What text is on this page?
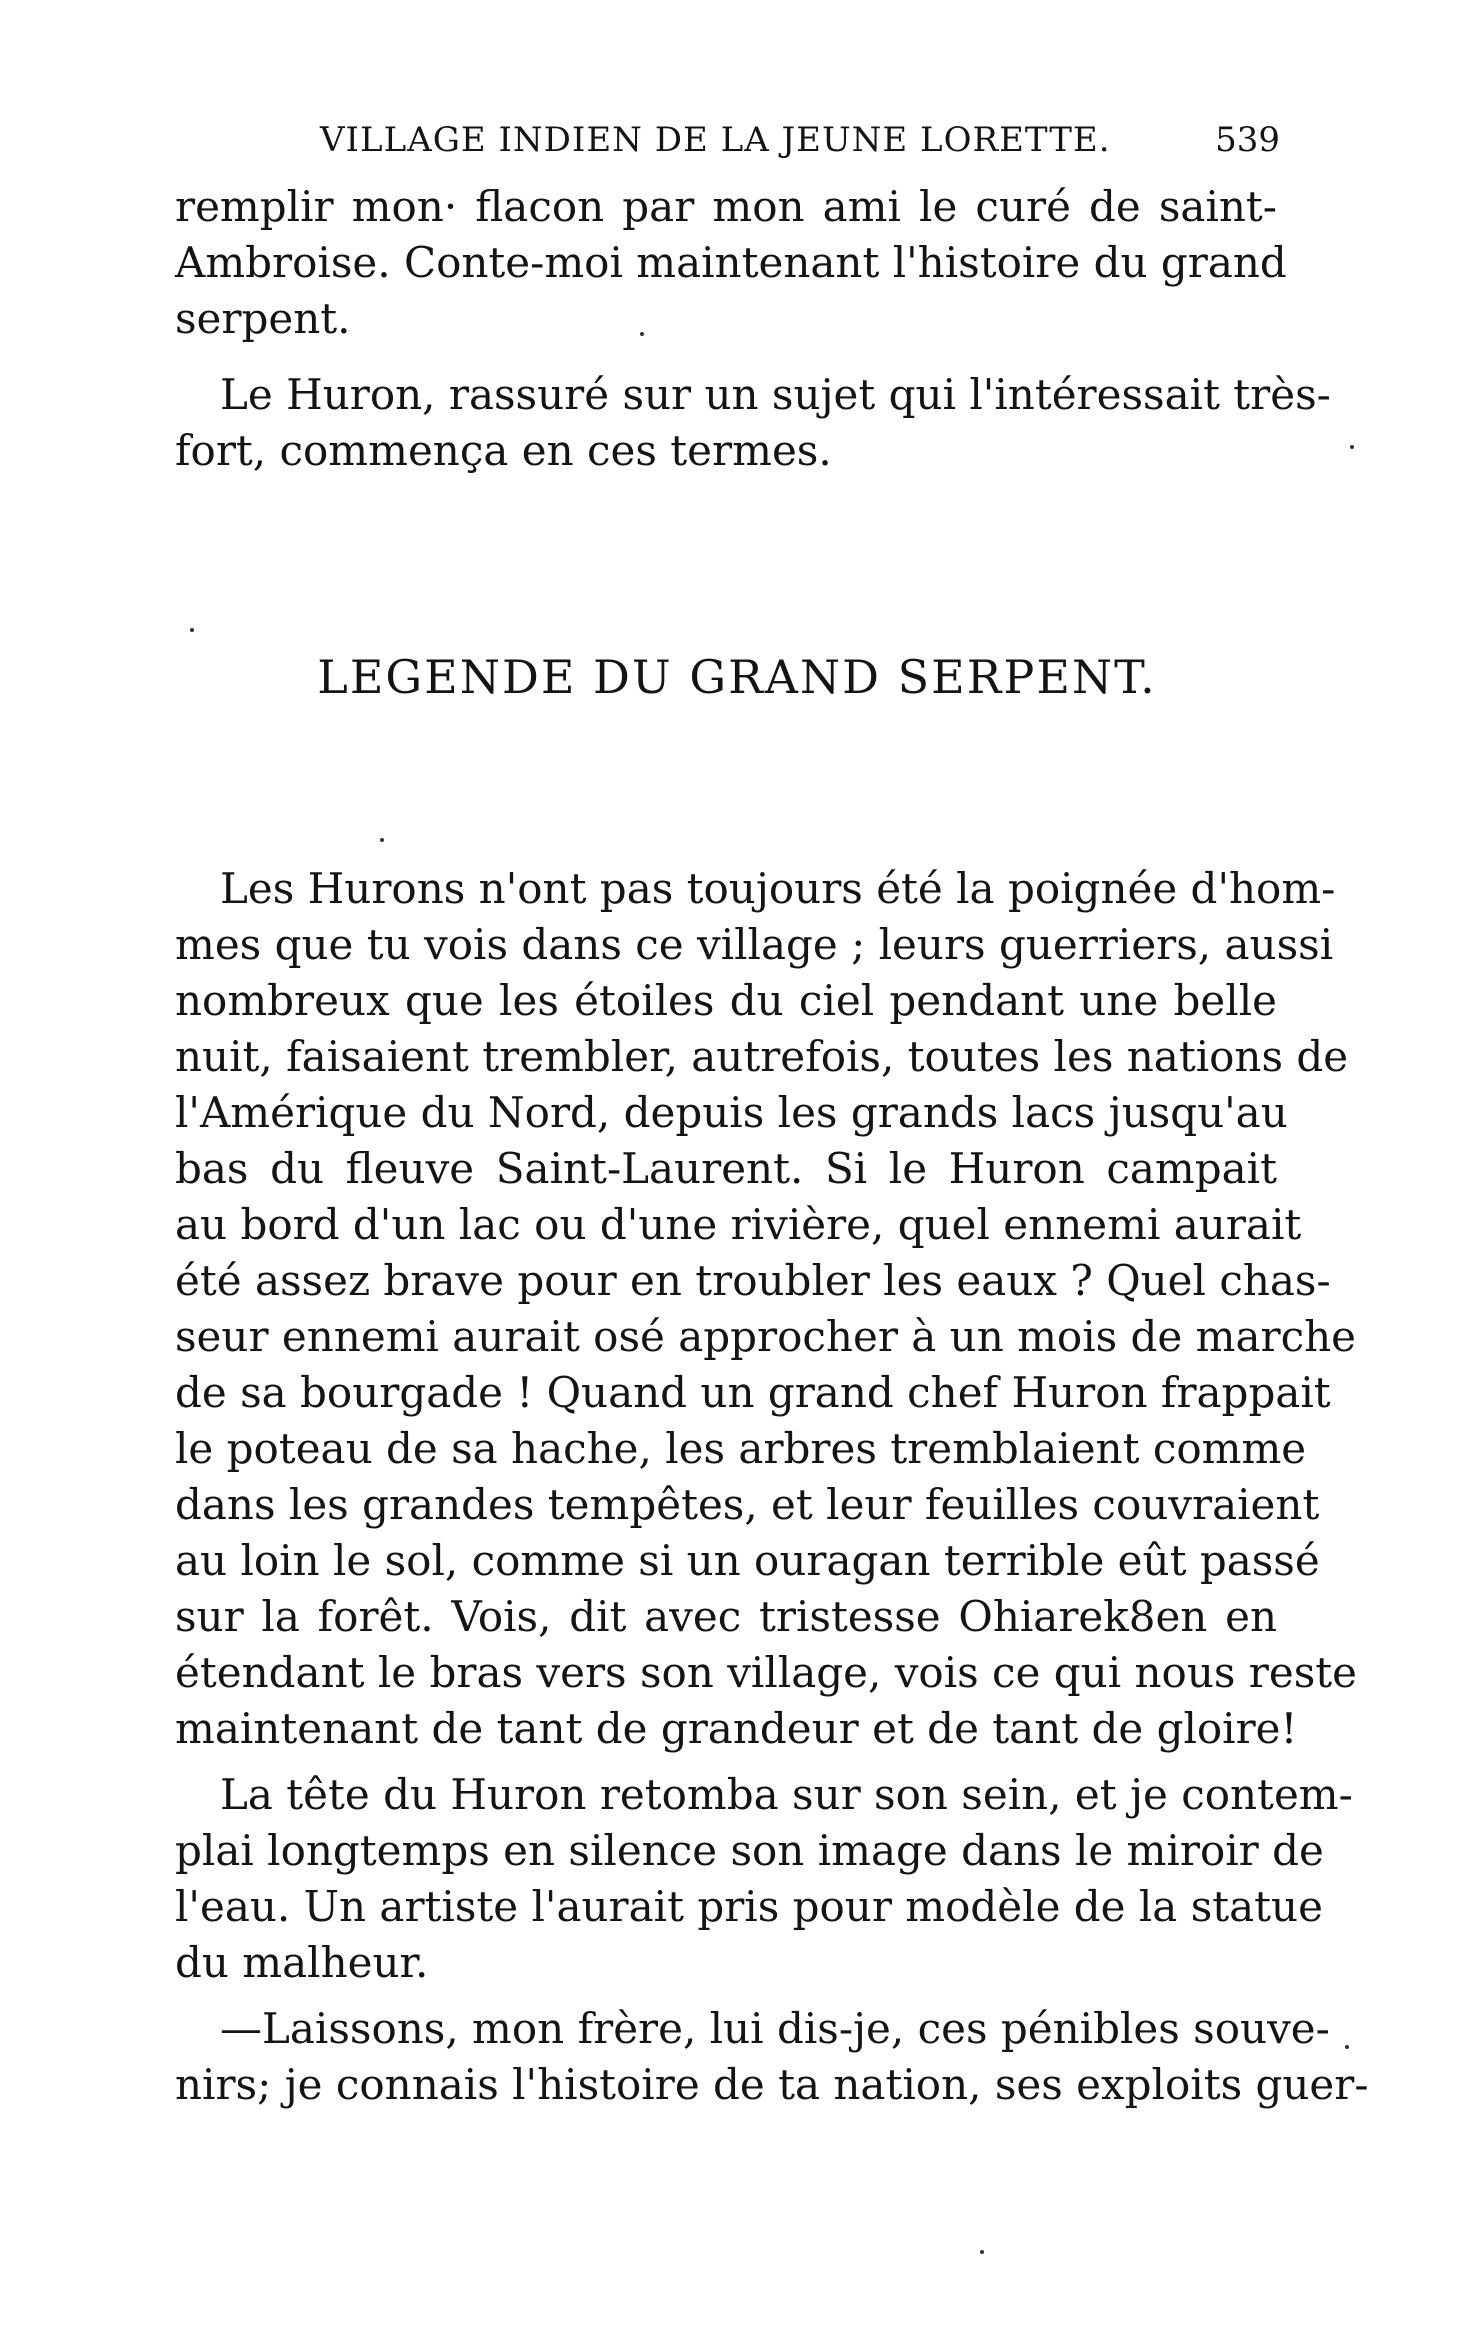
VILLAGE INDIEN DE LA JEUNE LORETTE.	539
remplir mon· flacon par mon ami le curé de saint-
Ambroise. Conte-moi maintenant l'histoire du grand
serpent.
Le Huron, rassuré sur un sujet qui l'intéressait très-
fort, commença en ces termes.
LEGENDE DU GRAND SERPENT.
Les Hurons n'ont pas toujours été la poignée d'hom-
mes que tu vois dans ce village ; leurs guerriers, aussi
nombreux que les étoiles du ciel pendant une belle
nuit, faisaient trembler, autrefois, toutes les nations de
l'Amérique du Nord, depuis les grands lacs jusqu'au
bas du fleuve Saint-Laurent. Si le Huron campait
au bord d'un lac ou d'une rivière, quel ennemi aurait
été assez brave pour en troubler les eaux ? Quel chas-
seur ennemi aurait osé approcher à un mois de marche
de sa bourgade ! Quand un grand chef Huron frappait
le poteau de sa hache, les arbres tremblaient comme
dans les grandes tempêtes, et leur feuilles couvraient
au loin le sol, comme si un ouragan terrible eût passé
sur la forêt. Vois, dit avec tristesse Ohiarek8en en
étendant le bras vers son village, vois ce qui nous reste
maintenant de tant de grandeur et de tant de gloire!
La tête du Huron retomba sur son sein, et je contem-
plai longtemps en silence son image dans le miroir de
l'eau. Un artiste l'aurait pris pour modèle de la statue
du malheur.
—Laissons, mon frère, lui dis-je, ces pénibles souve-
nirs; je connais l'histoire de ta nation, ses exploits guer-
